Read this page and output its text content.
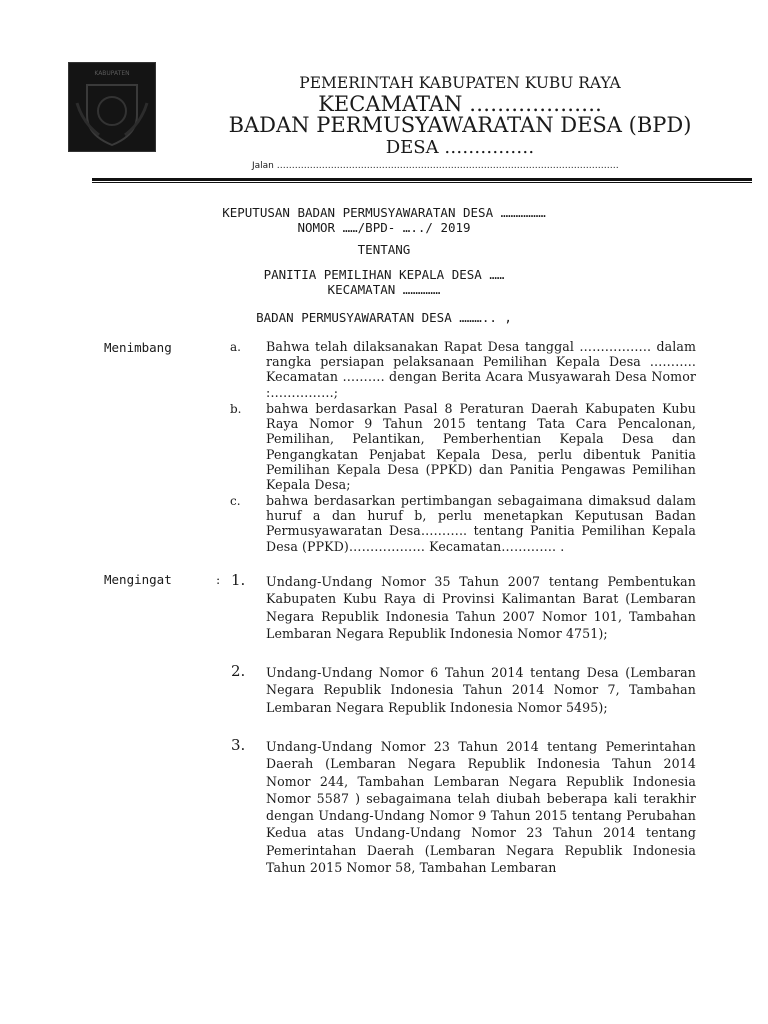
KABUPATEN
PEMERINTAH KABUPATEN KUBU RAYA
KECAMATAN ……………….
BADAN PERMUSYAWARATAN DESA (BPD)
DESA ……………
Jalan ……………………………………………………………………………………………………
KEPUTUSAN BADAN PERMUSYAWARATAN DESA ………………
NOMOR ……/BPD- …../ 2019
TENTANG
PANITIA PEMILIHAN KEPALA DESA ……
KECAMATAN ……………
BADAN PERMUSYAWARATAN DESA ……….. ,
Menimbang	a. Bahwa telah dilaksanakan Rapat Desa tanggal …………….. dalam rangka persiapan pelaksanaan Pemilihan Kepala Desa ……….. Kecamatan ………. dengan Berita Acara Musyawarah Desa Nomor :……………;

b. bahwa berdasarkan Pasal 8 Peraturan Daerah Kabupaten Kubu Raya Nomor 9 Tahun 2015 tentang Tata Cara Pencalonan, Pemilihan, Pelantikan, Pemberhentian Kepala Desa dan Pengangkatan Penjabat Kepala Desa, perlu dibentuk Panitia Pemilihan Kepala Desa (PPKD) dan Panitia Pengawas Pemilihan Kepala Desa;

c. bahwa berdasarkan pertimbangan sebagaimana dimaksud dalam huruf a dan huruf b, perlu menetapkan Keputusan Badan Permusyawaratan Desa……….. tentang Panitia Pemilihan Kepala Desa (PPKD)……………… Kecamatan…………. .

Mengingat	: 1. Undang-Undang Nomor 35 Tahun 2007 tentang Pembentukan Kabupaten Kubu Raya di Provinsi Kalimantan Barat (Lembaran Negara Republik Indonesia Tahun 2007 Nomor 101, Tambahan Lembaran Negara Republik Indonesia Nomor 4751);

2. Undang-Undang Nomor 6 Tahun 2014 tentang Desa (Lembaran Negara Republik Indonesia Tahun 2014 Nomor 7, Tambahan Lembaran Negara Republik Indonesia Nomor 5495);

3. Undang-Undang Nomor 23 Tahun 2014 tentang Pemerintahan Daerah (Lembaran Negara Republik Indonesia Tahun 2014 Nomor 244, Tambahan Lembaran Negara Republik Indonesia Nomor 5587 ) sebagaimana telah diubah beberapa kali terakhir dengan Undang-Undang Nomor 9 Tahun 2015 tentang Perubahan Kedua atas Undang-Undang Nomor 23 Tahun 2014 tentang Pemerintahan Daerah (Lembaran Negara Republik Indonesia Tahun 2015 Nomor 58, Tambahan Lembaran
